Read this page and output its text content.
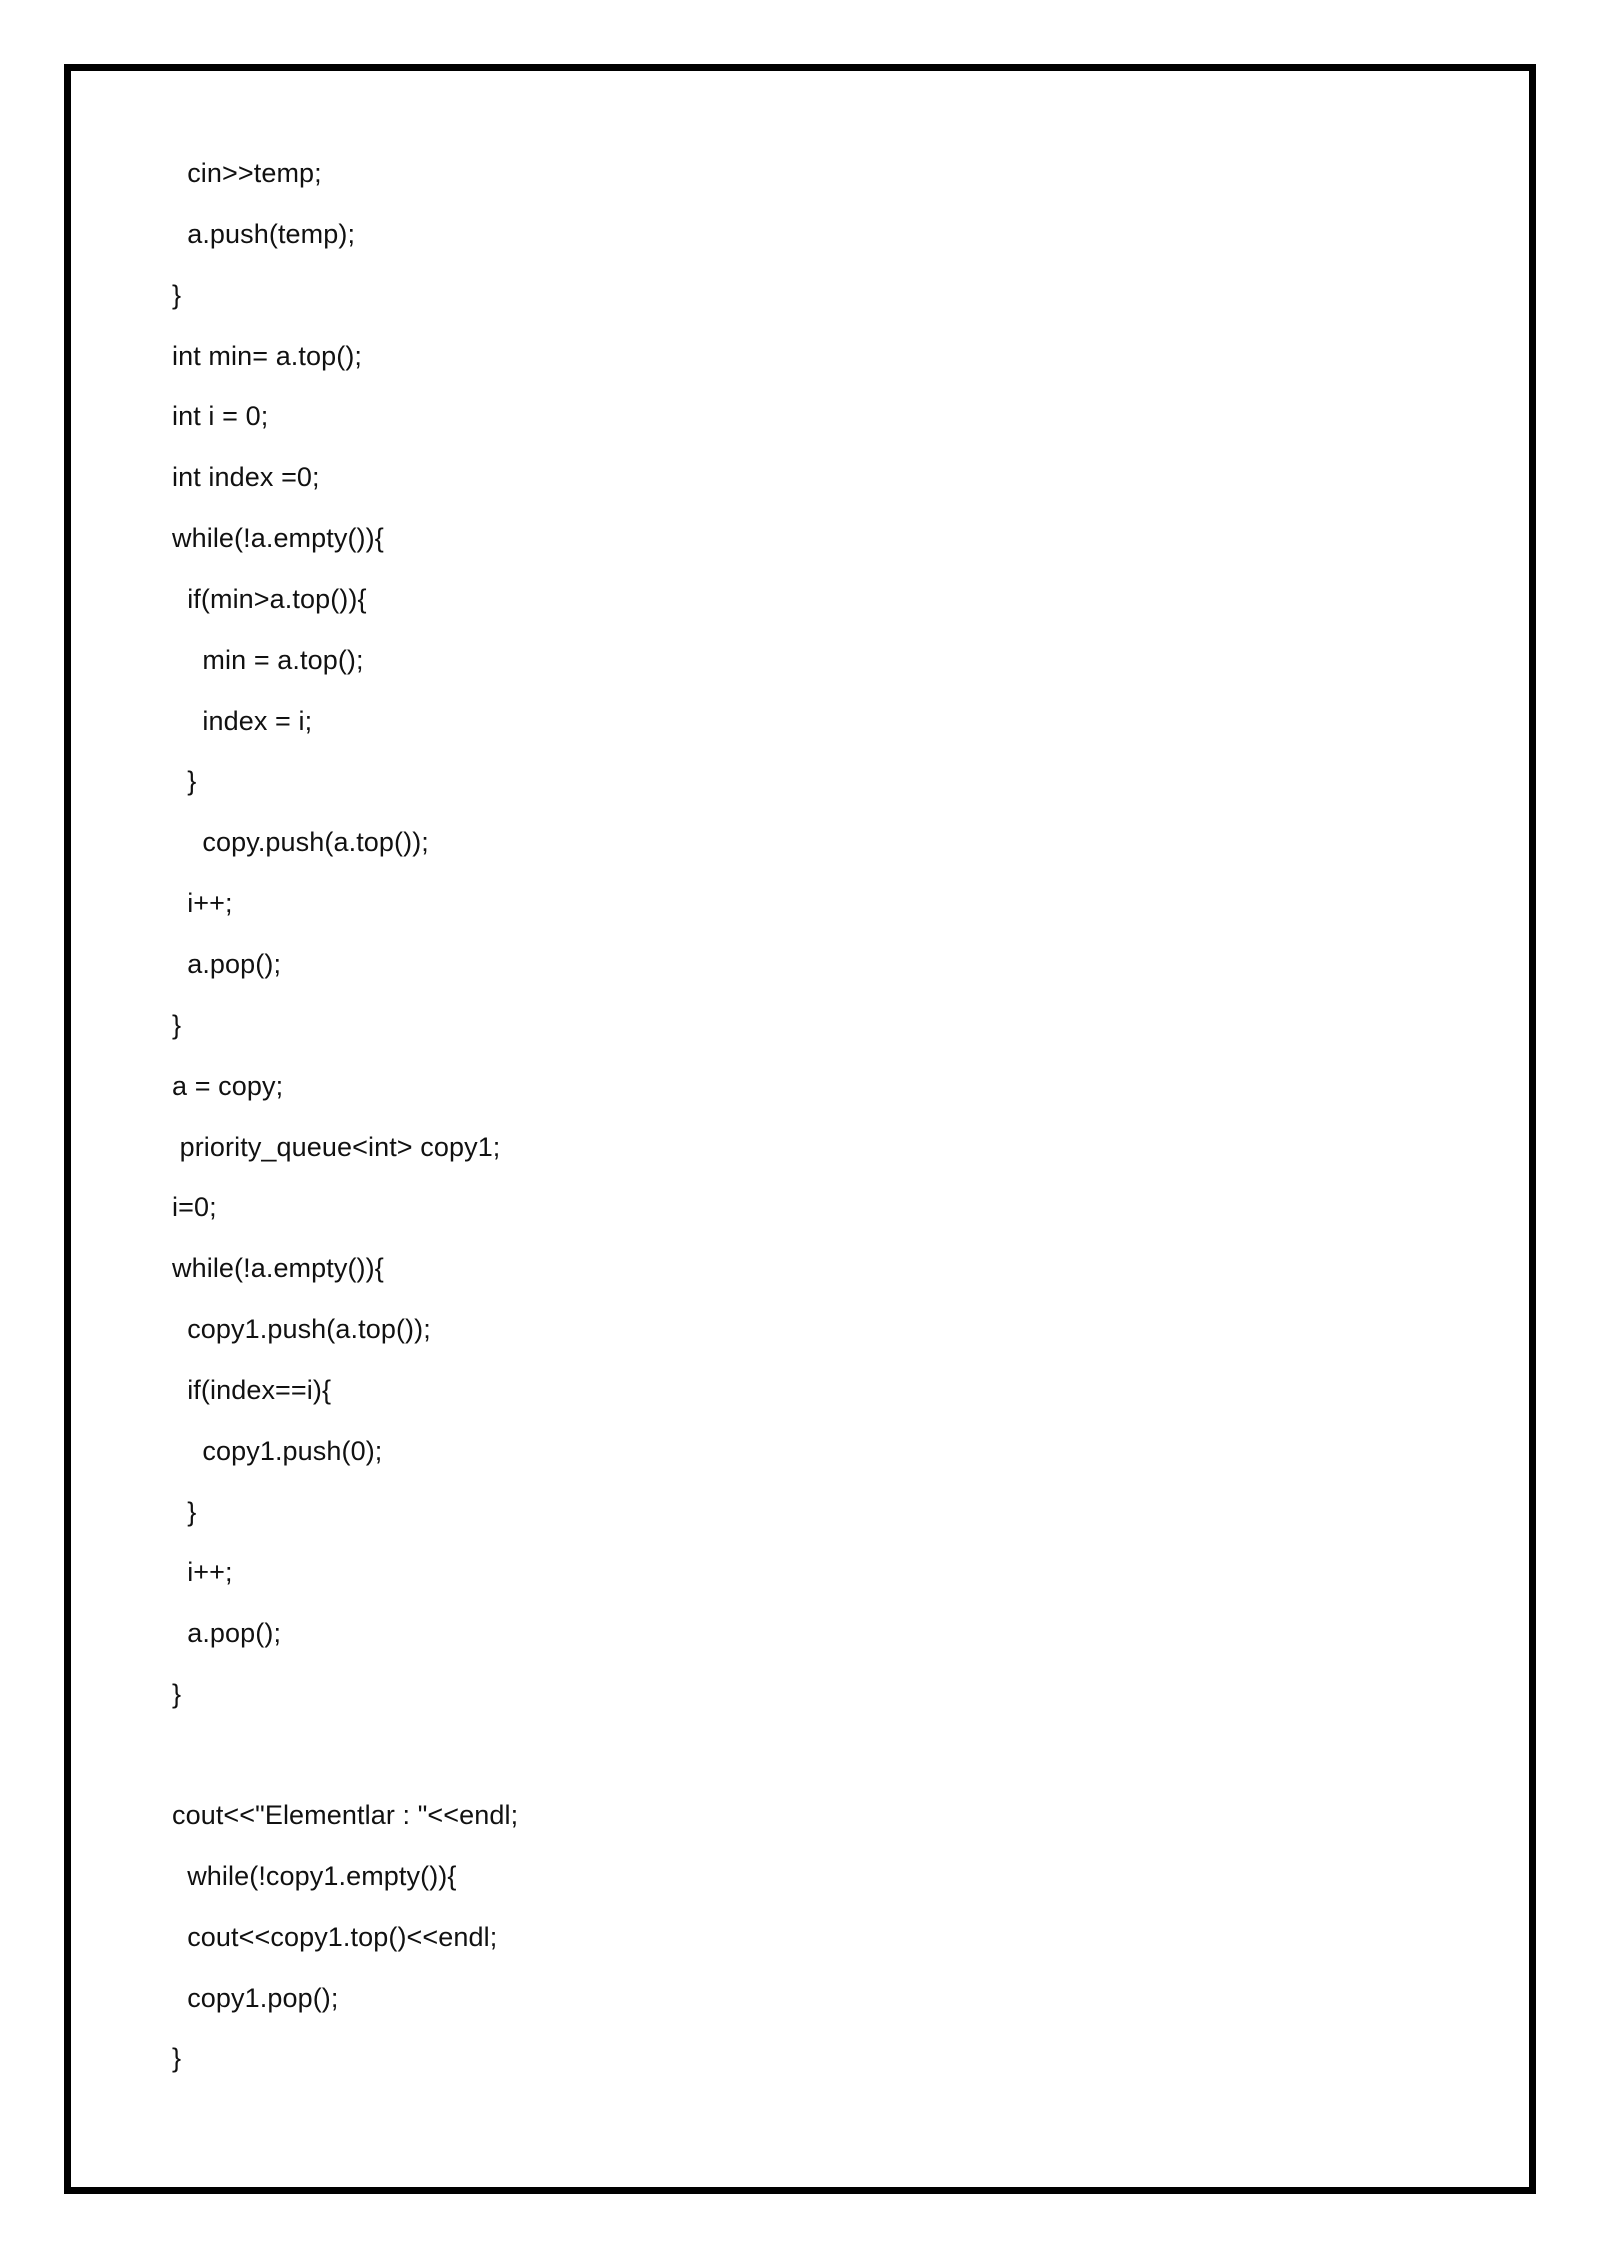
cin>>temp;
a.push(temp);
}
int min= a.top();
int i = 0;
int index =0;
while(!a.empty()){
if(min>a.top()){
min = a.top();
index = i;
}
copy.push(a.top());
i++;
a.pop();
}
a = copy;
priority_queue<int> copy1;
i=0;
while(!a.empty()){
copy1.push(a.top());
if(index==i){
copy1.push(0);
}
i++;
a.pop();
}
cout<<"Elementlar : "<<endl;
while(!copy1.empty()){
cout<<copy1.top()<<endl;
copy1.pop();
}
